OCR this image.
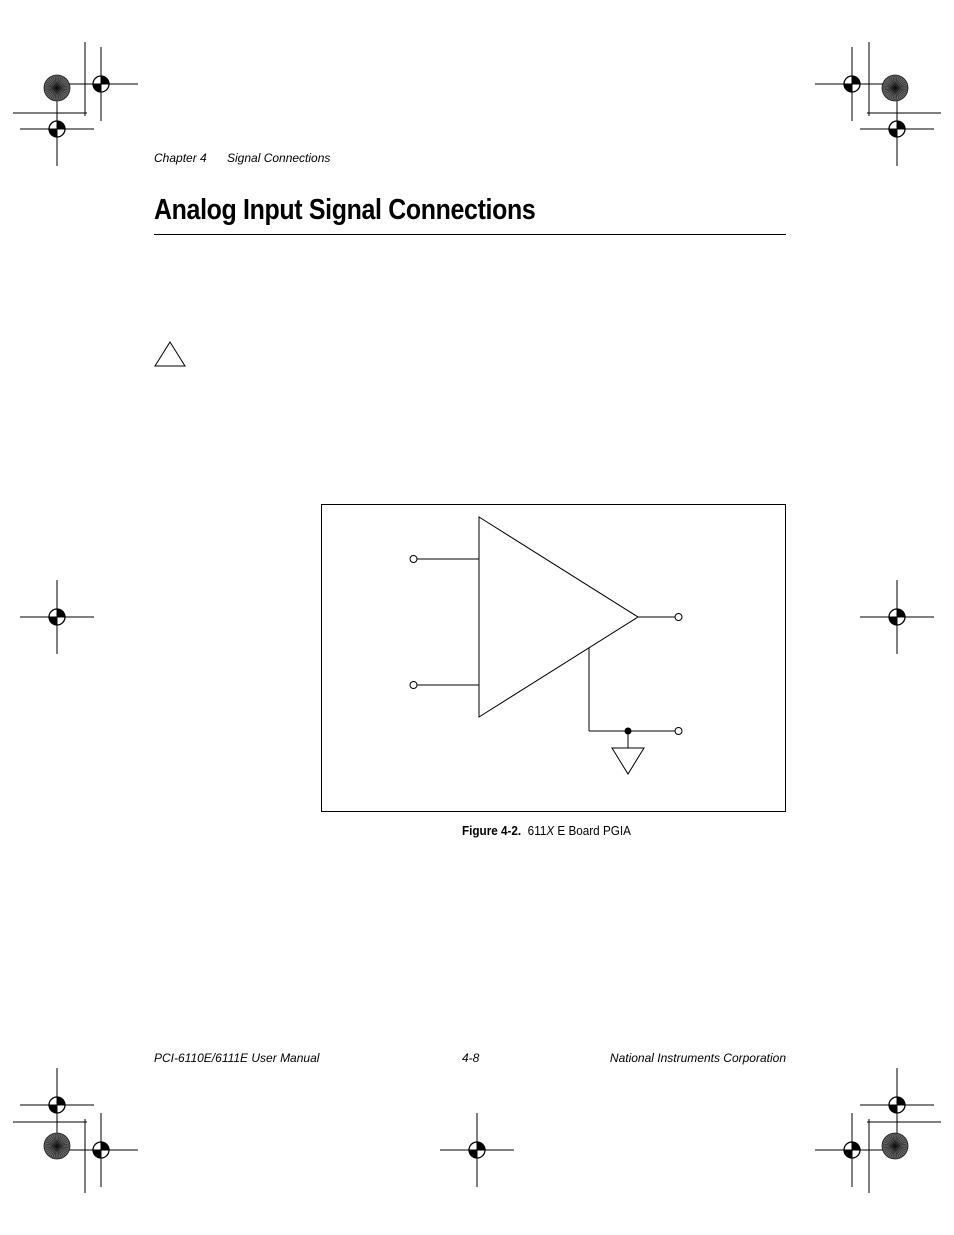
Chapter 4 Signal Connections
Analog Input Signal Connections
Figure 4-2. 611X E Board PGIA
PCI-6110E/6111E User Manual	4-8	National Instruments Corporation
